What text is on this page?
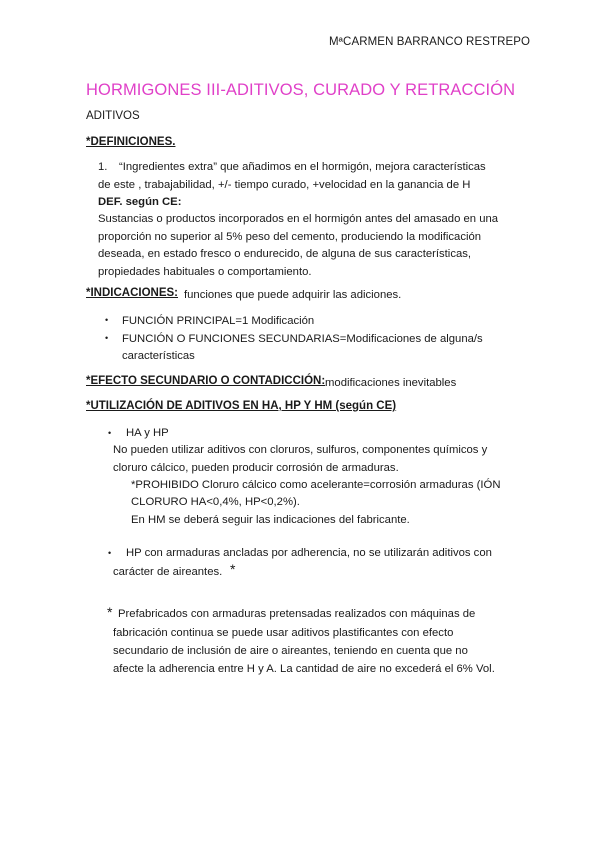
MªCARMEN BARRANCO RESTREPO
HORMIGONES III-ADITIVOS, CURADO Y RETRACCIÓN
ADITIVOS
*DEFINICIONES.
1. “Ingredientes extra” que añadimos en el hormigón, mejora características
de este , trabajabilidad, +/- tiempo curado, +velocidad en la ganancia de H
DEF. según CE:
Sustancias o productos incorporados en el hormigón antes del amasado en una
proporción no superior al 5% peso del cemento, produciendo la modificación
deseada, en estado fresco o endurecido, de alguna de sus características,
propiedades habituales o comportamiento.
*INDICACIONES: funciones que puede adquirir las adiciones.
• FUNCIÓN PRINCIPAL=1 Modificación
• FUNCIÓN O FUNCIONES SECUNDARIAS=Modificaciones de alguna/s
características
*EFECTO SECUNDARIO O CONTADICCIÓN: modificaciones inevitables
*UTILIZACIÓN DE ADITIVOS EN HA, HP Y HM (según CE)
• HA y HP
No pueden utilizar aditivos con cloruros, sulfuros, componentes químicos y
cloruro cálcico, pueden producir corrosión de armaduras.
*PROHIBIDO Cloruro cálcico como acelerante=corrosión armaduras (IÓN
CLORURO HA<0,4%, HP<0,2%).
En HM se deberá seguir las indicaciones del fabricante.
• HP con armaduras ancladas por adherencia, no se utilizarán aditivos con
carácter de aireantes. *
* Prefabricados con armaduras pretensadas realizados con máquinas de
fabricación continua se puede usar aditivos plastificantes con efecto
secundario de inclusión de aire o aireantes, teniendo en cuenta que no
afecte la adherencia entre H y A. La cantidad de aire no excederá el 6% Vol.
